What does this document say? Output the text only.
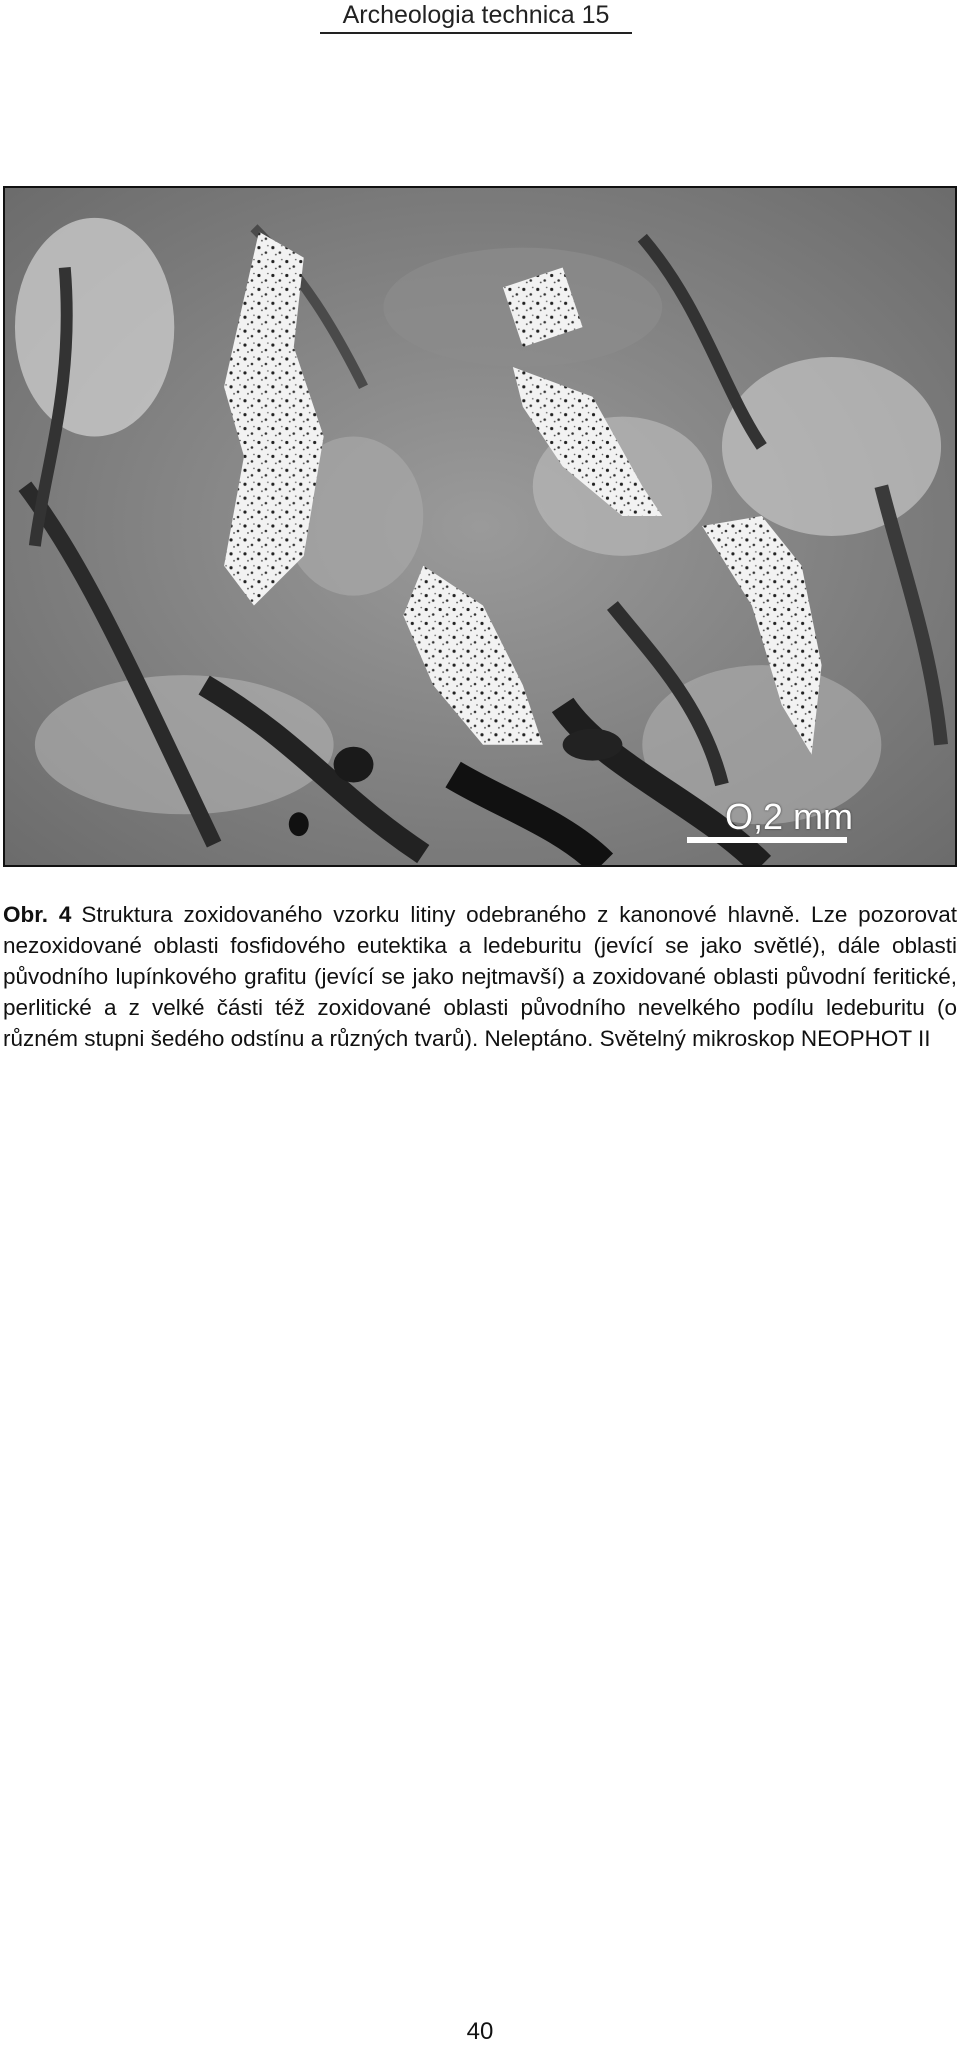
Archeologia technica 15
O,2 mm
Obr. 4 Struktura zoxidovaného vzorku litiny odebraného z kanonové hlavně. Lze pozorovat nezoxidované oblasti fosfidového eutektika a ledeburitu (jevící se jako světlé), dále oblasti původního lupínkového grafitu (jevící se jako nejtmavší) a zoxidované oblasti původní feritické, perlitické a z velké části též zoxidované oblasti původního nevelkého podílu ledeburitu (o různém stupni šedého odstínu a různých tvarů). Neleptáno. Světelný mikroskop NEOPHOT II
40
